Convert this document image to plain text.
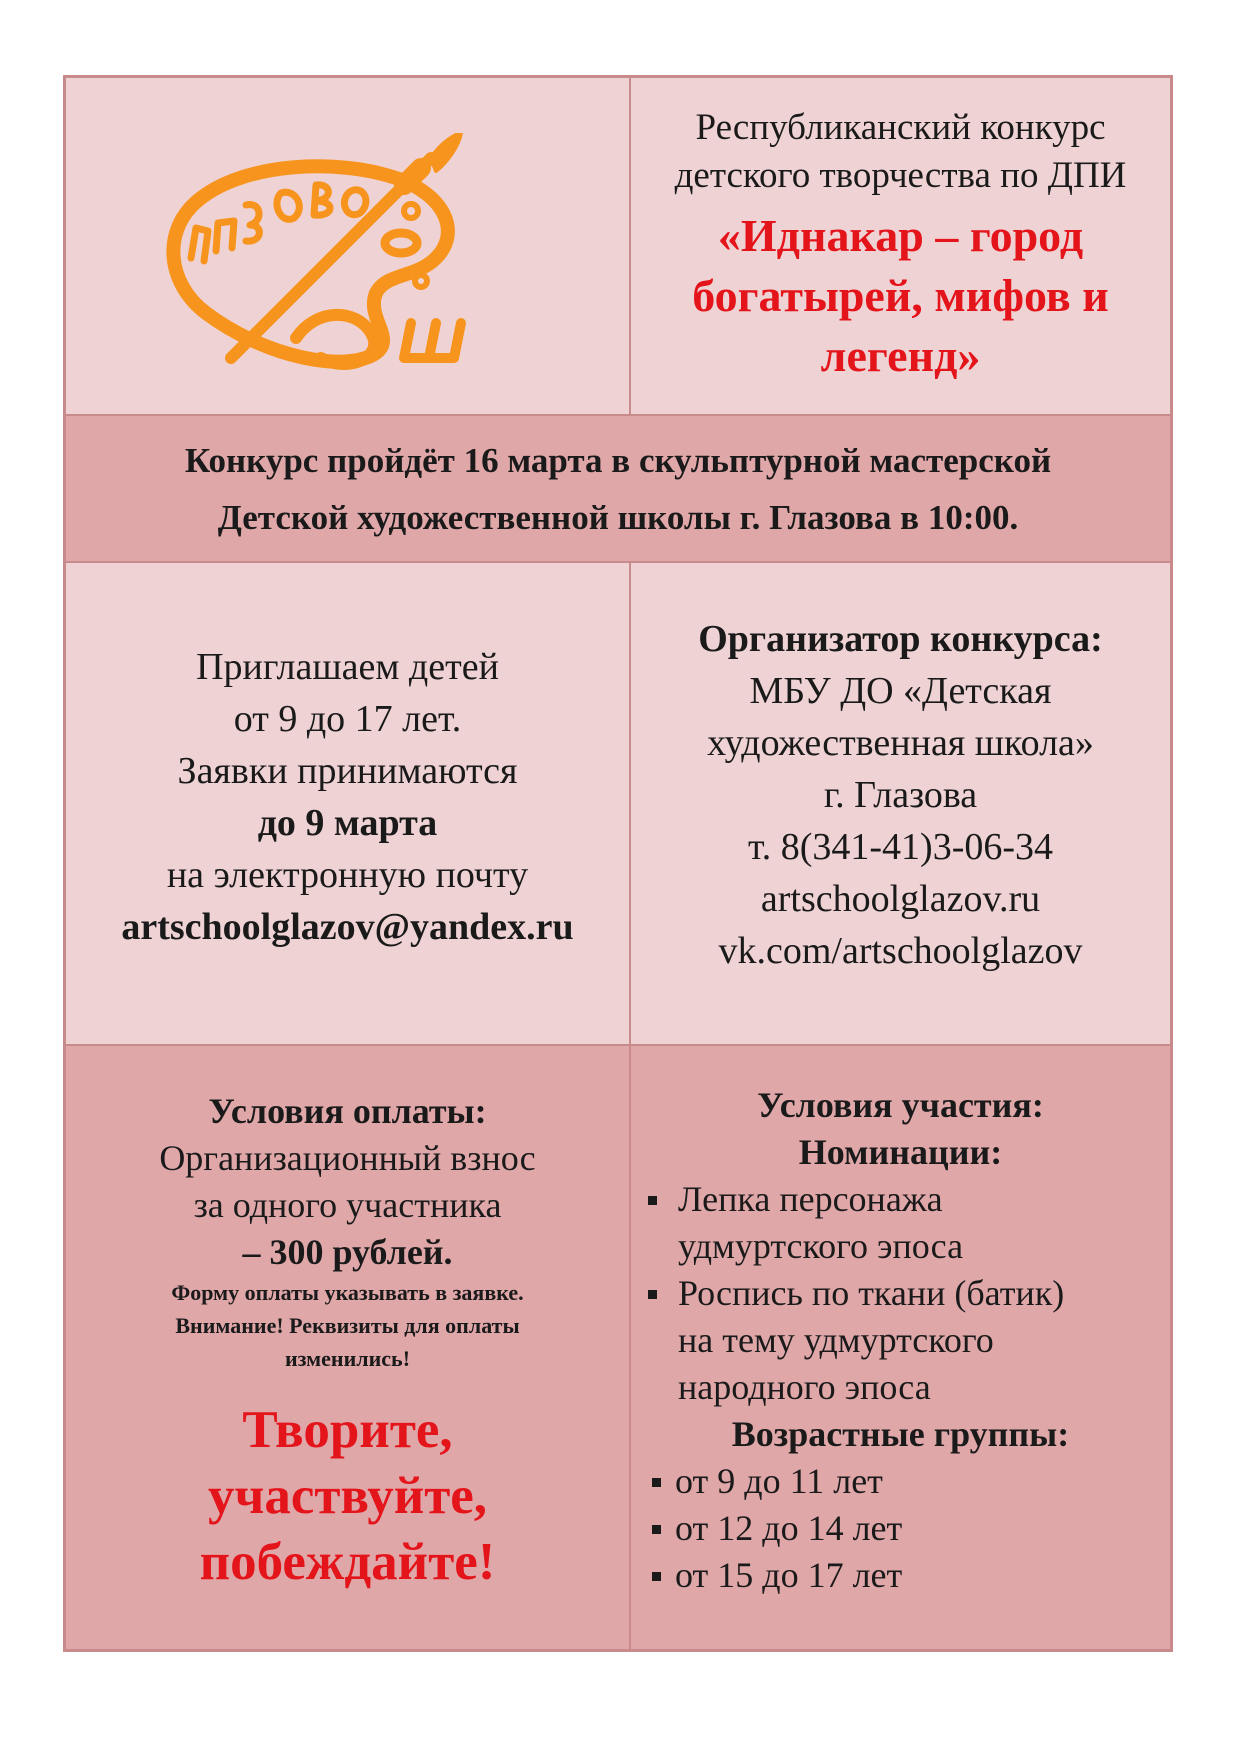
Республиканский конкурс
детского творчества по ДПИ
«Иднакар – город
богатырей, мифов и
легенд»
Конкурс пройдёт 16 марта в скульптурной мастерской
Детской художественной школы г. Глазова в 10:00.
Приглашаем детей
от 9 до 17 лет.
Заявки принимаются
до 9 марта
на электронную почту
artschoolglazov@yandex.ru
Организатор конкурса:
МБУ ДО «Детская
художественная школа»
г. Глазова
т. 8(341-41)3-06-34
artschoolglazov.ru
vk.com/artschoolglazov
Условия оплаты:
Организационный взнос
за одного участника
– 300 рублей.
Форму оплаты указывать в заявке.
Внимание! Реквизиты для оплаты
изменились!
Творите,
участвуйте,
побеждайте!
Условия участия:
Номинации:
Лепка персонажа
удмуртского эпоса
Роспись по ткани (батик)
на тему удмуртского
народного эпоса
Возрастные группы:
от 9 до 11 лет
от 12 до 14 лет
от 15 до 17 лет
